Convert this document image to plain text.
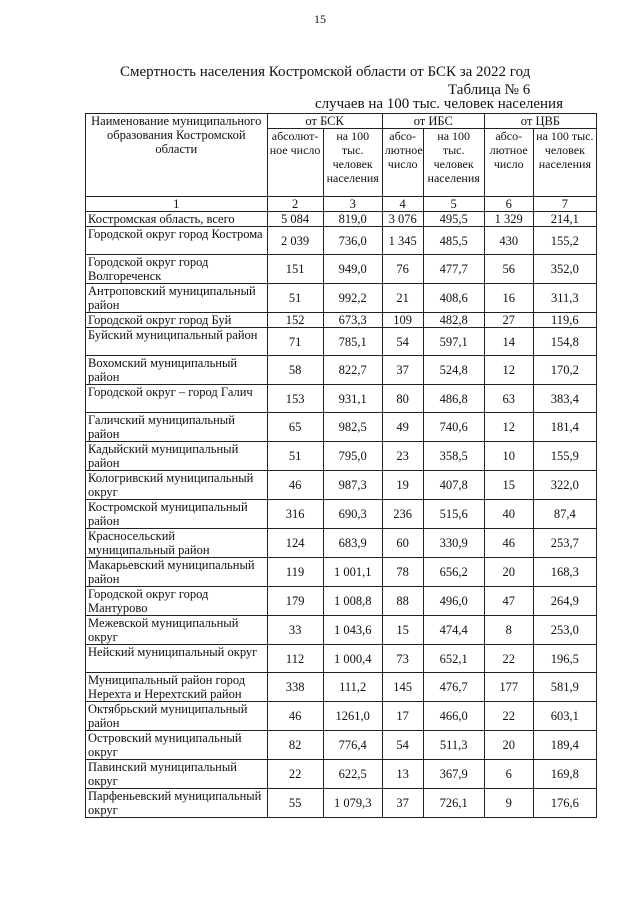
15
Смертность населения Костромской области от БСК за 2022 год
Таблица № 6
случаев на 100 тыс. человек населения
Наименование муниципального образования Костромской области	от БСК		от ИБС		от ЦВБ	
	абсолют-ное число	на 100 тыс. человек населения	абсо-лютное число	на 100 тыс. человек населения	абсо-лютное число	на 100 тыс. человек населения
1	2	3	4	5	6	7
Костромская область, всего	5 084	819,0	3 076	495,5	1 329	214,1
Городской округ город Кострома	2 039	736,0	1 345	485,5	430	155,2
Городской округ город Волгореченск	151	949,0	76	477,7	56	352,0
Антроповский муниципальный район	51	992,2	21	408,6	16	311,3
Городской округ город Буй	152	673,3	109	482,8	27	119,6
Буйский муниципальный район	71	785,1	54	597,1	14	154,8
Вохомский муниципальный район	58	822,7	37	524,8	12	170,2
Городской округ – город Галич	153	931,1	80	486,8	63	383,4
Галичский муниципальный район	65	982,5	49	740,6	12	181,4
Кадыйский муниципальный район	51	795,0	23	358,5	10	155,9
Кологривский муниципальный округ	46	987,3	19	407,8	15	322,0
Костромской муниципальный район	316	690,3	236	515,6	40	87,4
Красносельский муниципальный район	124	683,9	60	330,9	46	253,7
Макарьевский муниципальный район	119	1 001,1	78	656,2	20	168,3
Городской округ город Мантурово	179	1 008,8	88	496,0	47	264,9
Межевской муниципальный округ	33	1 043,6	15	474,4	8	253,0
Нейский муниципальный округ	112	1 000,4	73	652,1	22	196,5
Муниципальный район город Нерехта и Нерехтский район	338	111,2	145	476,7	177	581,9
Октябрьский муниципальный район	46	1261,0	17	466,0	22	603,1
Островский муниципальный округ	82	776,4	54	511,3	20	189,4
Павинский муниципальный округ	22	622,5	13	367,9	6	169,8
Парфеньевский муниципальный округ	55	1 079,3	37	726,1	9	176,6
